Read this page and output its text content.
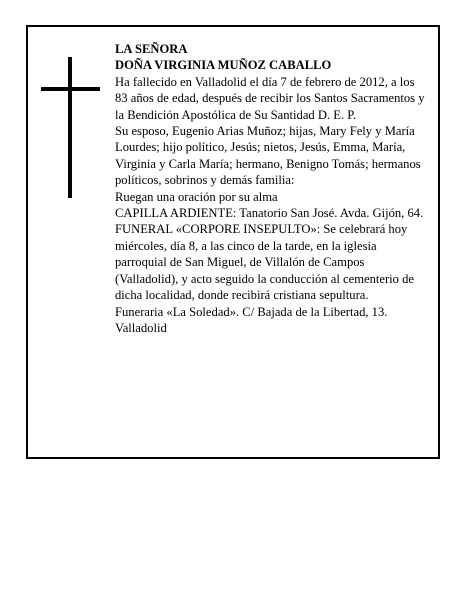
LA SEÑORA

DOÑA VIRGINIA MUÑOZ CABALLO

Ha fallecido en Valladolid el día 7 de febrero de 2012, a los 83 años de edad, después de recibir los Santos Sacramentos y la Bendición Apostólica de Su Santidad D. E. P.

Su esposo, Eugenio Arias Muñoz; hijas, Mary Fely y María Lourdes; hijo político, Jesús; nietos, Jesús, Emma, María, Virginia y Carla María; hermano, Benigno Tomás; hermanos políticos, sobrinos y demás familia:

Ruegan una oración por su alma

CAPILLA ARDIENTE: Tanatorio San José. Avda. Gijón, 64.

FUNERAL «CORPORE INSEPULTO»: Se celebrará hoy miércoles, día 8, a las cinco de la tarde, en la iglesia parroquial de San Miguel, de Villalón de Campos (Valladolid), y acto seguido la conducción al cementerio de dicha localidad, donde recibirá cristiana sepultura.

Funeraria «La Soledad». C/ Bajada de la Libertad, 13. Valladolid
